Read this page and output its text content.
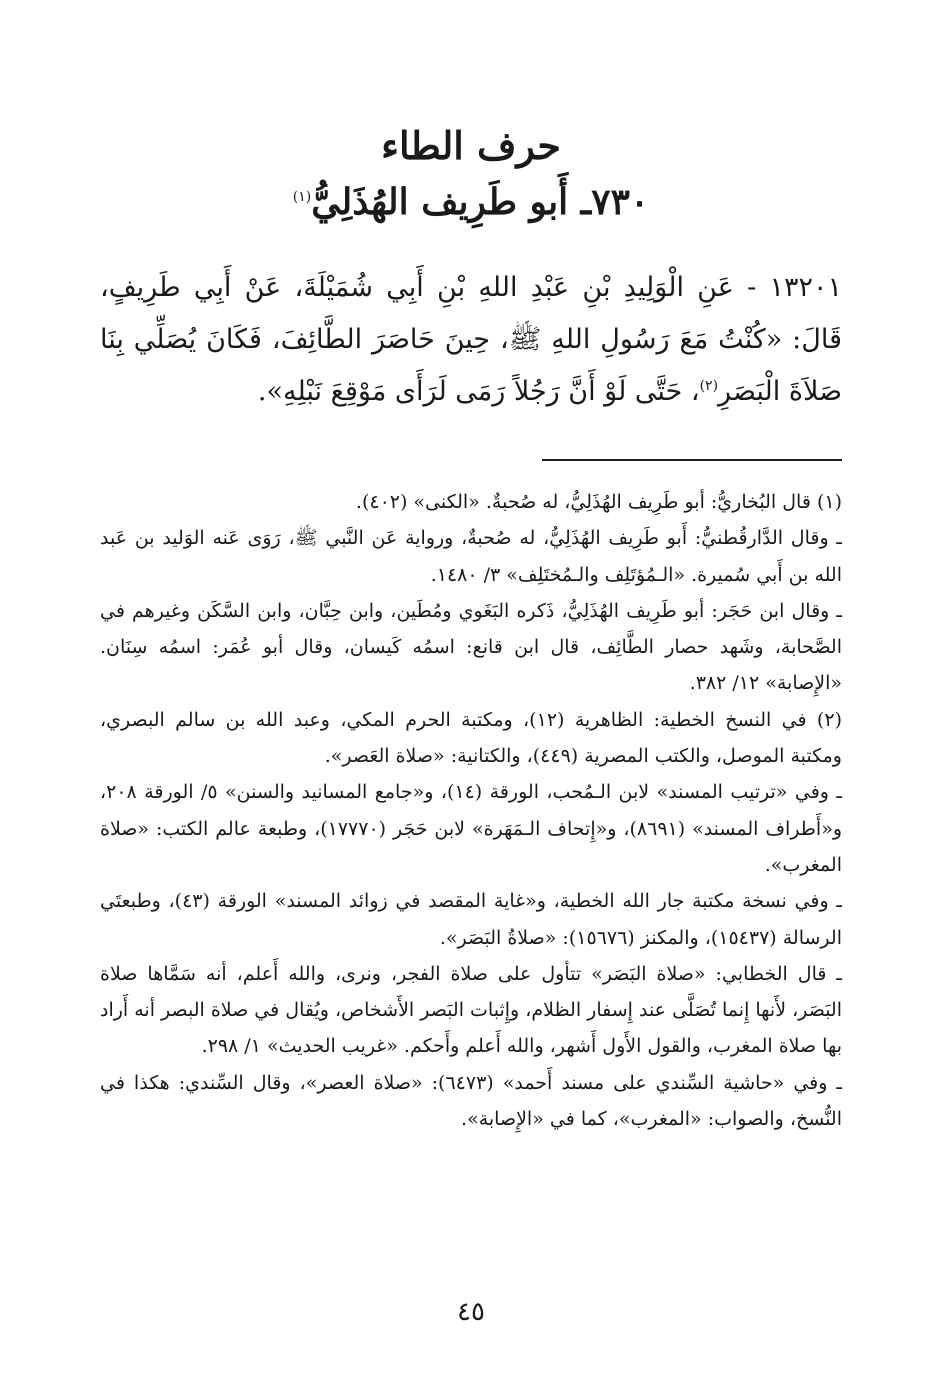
حرف الطاء
٧٣٠ـ أَبو طَرِيف الهُذَلِيُّ$^{(١)}$

١٣٢٠١ - عَنِ الْوَلِيدِ بْنِ عَبْدِ اللهِ بْنِ أَبِي شُمَيْلَةَ، عَنْ أَبِي طَرِيفٍ، قَالَ: «كُنْتُ مَعَ رَسُولِ اللهِ ﷺ، حِينَ حَاصَرَ الطَّائِفَ، فَكَانَ يُصَلِّي بِنَا صَلاَةَ الْبَصَرِ$^{(٢)}$، حَتَّى لَوْ أَنَّ رَجُلاً رَمَى لَرَأَى مَوْقِعَ نَبْلِهِ».

(١) قال البُخاريُّ: أبو طَرِيف الهُذَلِيُّ، له صُحبةٌ. «الكنى» (٤٠٢).

ـ وقال الدَّارقُطنيُّ: أَبو طَرِيف الهُذَلِيُّ، له صُحبةٌ، ورواية عَن النَّبي ﷺ، رَوَى عَنه الوَليد بن عَبد الله بن أَبي سُميرة. «الـمُؤتَلِف والـمُختَلِف» ٣/ ١٤٨٠.

ـ وقال ابن حَجَر: أبو طَرِيف الهُذَلِيُّ، ذَكره البَغَوي ومُطَين، وابن حِبَّان، وابن السَّكَن وغيرهم في الصَّحابة، وشَهد حصار الطَّائِف، قال ابن قانع: اسمُه كَيسان، وقال أبو عُمَر: اسمُه سِنَان. «الإِصابة» ١٢/ ٣٨٢.

(٢) في النسخ الخطية: الظاهرية (١٢)، ومكتبة الحرم المكي، وعبد الله بن سالم البصري، ومكتبة الموصل، والكتب المصرية (٤٤٩)، والكتانية: «صلاة العَصر».

ـ وفي «ترتيب المسند» لابن الـمُحب، الورقة (١٤)، و«جامع المسانيد والسنن» ٥/ الورقة ٢٠٨، و«أَطراف المسند» (٨٦٩١)، و«إِتحاف الـمَهَرة» لابن حَجَر (١٧٧٧٠)، وطبعة عالم الكتب: «صلاة المغرب».

ـ وفي نسخة مكتبة جار الله الخطية، و«غاية المقصد في زوائد المسند» الورقة (٤٣)، وطبعتَي الرسالة (١٥٤٣٧)، والمكنز (١٥٦٧٦): «صلاةُ البَصَر».

ـ قال الخطابي: «صلاة البَصَر» تتأول على صلاة الفجر، ونرى، والله أَعلم، أنه سَمَّاها صلاة البَصَر، لأَنها إِنما تُصَلَّى عند إِسفار الظلام، وإِثبات البَصر الأَشخاص، ويُقال في صلاة البصر أنه أَراد بها صلاة المغرب، والقول الأَول أَشهر، والله أَعلم وأَحكم. «غريب الحديث» ١/ ٢٩٨.

ـ وفي «حاشية السِّندي على مسند أَحمد» (٦٤٧٣): «صلاة العصر»، وقال السِّندي: هكذا في النُّسخ، والصواب: «المغرب»، كما في «الإِصابة».

٤٥
